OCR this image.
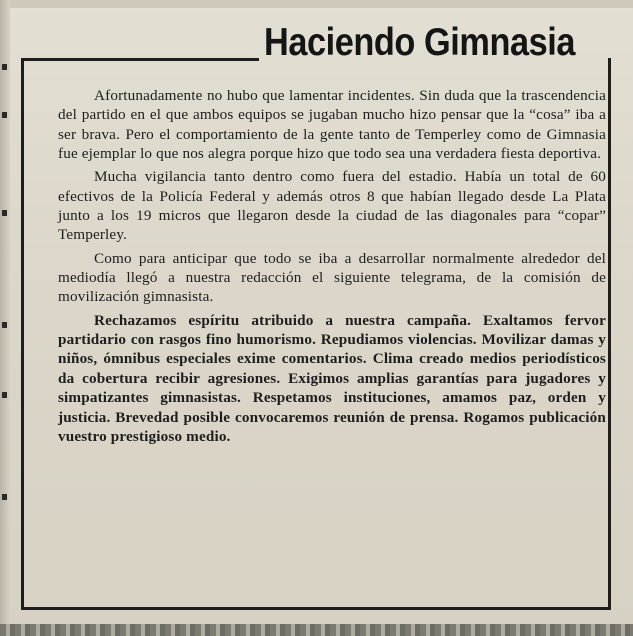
Haciendo Gimnasia

Afortunadamente no hubo que lamentar incidentes. Sin duda que la trascendencia del partido en el que ambos equipos se jugaban mucho hizo pensar que la “cosa” iba a ser brava. Pero el comportamiento de la gente tanto de Temperley como de Gimnasia fue ejemplar lo que nos alegra porque hizo que todo sea una verdadera fiesta deportiva.

Mucha vigilancia tanto dentro como fuera del estadio. Había un total de 60 efectivos de la Policía Federal y además otros 8 que habían llegado desde La Plata junto a los 19 micros que llegaron desde la ciudad de las diagonales para “copar” Temperley.

Como para anticipar que todo se iba a desarrollar normalmente alrededor del mediodía llegó a nuestra redacción el siguiente telegrama, de la comisión de movilización gimnasista.

Rechazamos espíritu atribuido a nuestra campaña. Exaltamos fervor partidario con rasgos fino humorismo. Repudiamos violencias. Movilizar damas y niños, ómnibus especiales exime comentarios. Clima creado medios periodísticos da cobertura recibir agresiones. Exigimos amplias garantías para jugadores y simpatizantes gimnasistas. Respetamos instituciones, amamos paz, orden y justicia. Brevedad posible convocaremos reunión de prensa. Rogamos publicación vuestro prestigioso medio.
